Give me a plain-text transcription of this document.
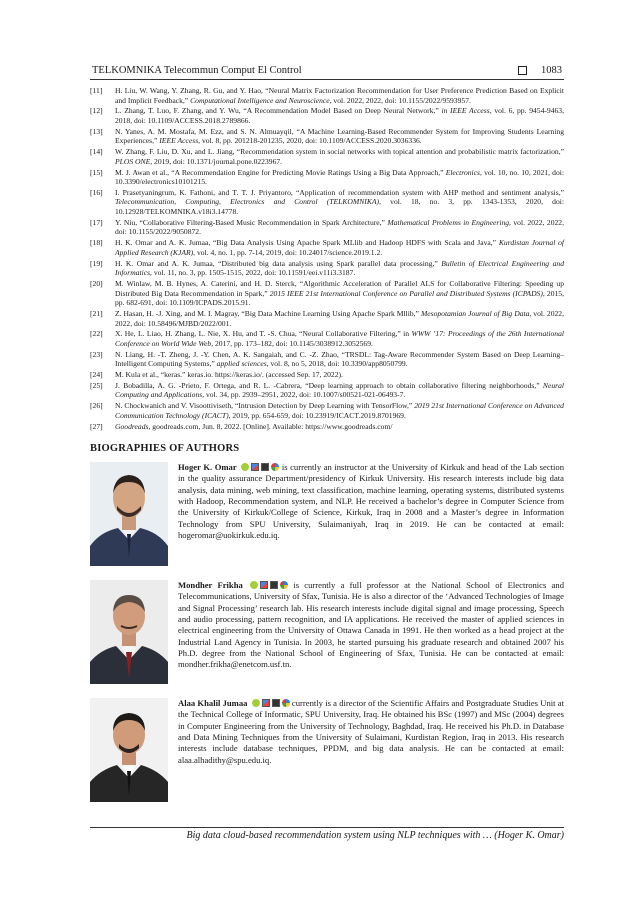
TELKOMNIKA Telecommun Comput El Control	1083
[11]	H. Liu, W. Wang, Y. Zhang, R. Gu, and Y. Hao, “Neural Matrix Factorization Recommendation for User Preference Prediction Based on Explicit and Implicit Feedback,” Computational Intelligence and Neuroscience, vol. 2022, 2022, doi: 10.1155/2022/9593957.
[12]	L. Zhang, T. Luo, F. Zhang, and Y. Wu, “A Recommendation Model Based on Deep Neural Network,” in IEEE Access, vol. 6, pp. 9454-9463, 2018, doi: 10.1109/ACCESS.2018.2789866.
[13]	N. Yanes, A. M. Mostafa, M. Ezz, and S. N. Almuayqil, “A Machine Learning-Based Recommender System for Improving Students Learning Experiences,” IEEE Access, vol. 8, pp. 201218-201235, 2020, doi: 10.1109/ACCESS.2020.3036336.
[14]	W. Zhang, F. Liu, D. Xu, and L. Jiang, “Recommendation system in social networks with topical attention and probabilistic matrix factorization,” PLOS ONE, 2019, doi: 10.1371/journal.pone.0223967.
[15]	M. J. Awan et al., “A Recommendation Engine for Predicting Movie Ratings Using a Big Data Approach,” Electronics, vol. 10, no. 10, 2021, doi: 10.3390/electronics10101215.
[16]	I. Prasetyaningrum, K. Fathoni, and T. T. J. Priyantoro, “Application of recommendation system with AHP method and sentiment analysis,” Telecommunication, Computing, Electronics and Control (TELKOMNIKA), vol. 18, no. 3, pp. 1343-1353, 2020, doi: 10.12928/TELKOMNIKA.v18i3.14778.
[17]	Y. Niu, “Collaborative Filtering-Based Music Recommendation in Spark Architecture,” Mathematical Problems in Engineering, vol. 2022, 2022, doi: 10.1155/2022/9050872.
[18]	H. K. Omar and A. K. Jumaa, “Big Data Analysis Using Apache Spark MLlib and Hadoop HDFS with Scala and Java,” Kurdistan Journal of Applied Research (KJAR), vol. 4, no. 1, pp. 7-14, 2019, doi: 10.24017/science.2019.1.2.
[19]	H. K. Omar and A. K. Jumaa, “Distributed big data analysis using Spark parallel data processing,” Bulletin of Electrical Engineering and Informatics, vol. 11, no. 3, pp. 1505-1515, 2022, doi: 10.11591/eei.v11i3.3187.
[20]	M. Winlaw, M. B. Hynes, A. Caterini, and H. D. Sterck, “Algorithmic Acceleration of Parallel ALS for Collaborative Filtering: Speeding up Distributed Big Data Recommendation in Spark,” 2015 IEEE 21st International Conference on Parallel and Distributed Systems (ICPADS), 2015, pp. 682-691, doi: 10.1109/ICPADS.2015.91.
[21]	Z. Hasan, H. -J. Xing, and M. I. Magray, “Big Data Machine Learning Using Apache Spark Mllib,” Mesopotamian Journal of Big Data, vol. 2022, 2022, doi: 10.58496/MJBD/2022/001.
[22]	X. He, L. Liao, H. Zhang, L. Nie, X. Hu, and T. -S. Chua, “Neural Collaborative Filtering,” in WWW ’17: Proceedings of the 26th International Conference on World Wide Web, 2017, pp. 173–182, doi: 10.1145/3038912.3052569.
[23]	N. Liang, H. -T. Zheng, J. -Y. Chen, A. K. Sangaiah, and C. -Z. Zhao, “TRSDL: Tag-Aware Recommender System Based on Deep Learning–Intelligent Computing Systems,” applied sciences, vol. 8, no 5, 2018, doi: 10.3390/app8050799.
[24]	M. Kula et al., “keras.” keras.io. https://keras.io/. (accessed Sep. 17, 2022).
[25]	J. Bobadilla, A. G. -Prieto, F. Ortega, and R. L. -Cabrera, “Deep learning approach to obtain collaborative filtering neighborhoods,” Neural Computing and Applications, vol. 34, pp. 2939–2951, 2022, doi: 10.1007/s00521-021-06493-7.
[26]	N. Chockwanich and V. Visoottiviseth, “Intrusion Detection by Deep Learning with TensorFlow,” 2019 21st International Conference on Advanced Communication Technology (ICACT), 2019, pp. 654-659, doi: 10.23919/ICACT.2019.8701969.
[27]	Goodreads, goodreads.com, Jun. 8, 2022. [Online]. Available: https://www.goodreads.com/
BIOGRAPHIES OF AUTHORS
Hoger K. Omar	is currently an instructor at the University of Kirkuk and head of the Lab section in the quality assurance Department/presidency of Kirkuk University. His research interests include big data analysis, data mining, web mining, text classification, machine learning, operating systems, distributed systems with Hadoop, Recommendation system, and NLP. He received a bachelor’s degree in Computer Science from the University of Kirkuk/College of Science, Kirkuk, Iraq in 2008 and a Master’s degree in Information Technology from SPU University, Sulaimaniyah, Iraq in 2019. He can be contacted at email: hogeromar@uokirkuk.edu.iq.
Mondher Frikha	is currently a full professor at the National School of Electronics and Telecommunications, University of Sfax, Tunisia. He is also a director of the ‘Advanced Technologies of Image and Signal Processing’ research lab. His research interests include digital signal and image processing, Speech and audio processing, pattern recognition, and IA applications. He received the master of applied sciences in electrical engineering from the University of Ottawa Canada in 1991. He then worked as a head project at the Industrial Land Agency in Tunisia. In 2003, he started pursuing his graduate research and obtained 2007 his Ph.D. degree from the National School of Engineering of Sfax, Tunisia. He can be contacted at email: mondher.frikha@enetcom.usf.tn.
Alaa Khalil Jumaa	currently is a director of the Scientific Affairs and Postgraduate Studies Unit at the Technical College of Informatic, SPU University, Iraq. He obtained his BSc (1997) and MSc (2004) degrees in Computer Engineering from the University of Technology, Baghdad, Iraq. He received his Ph.D. in Database and Data Mining Techniques from the University of Sulaimani, Kurdistan Region, Iraq in 2013. His research interests include database techniques, PPDM, and big data analysis. He can be contacted at email: alaa.alhadithy@spu.edu.iq.
Big data cloud-based recommendation system using NLP techniques with … (Hoger K. Omar)
